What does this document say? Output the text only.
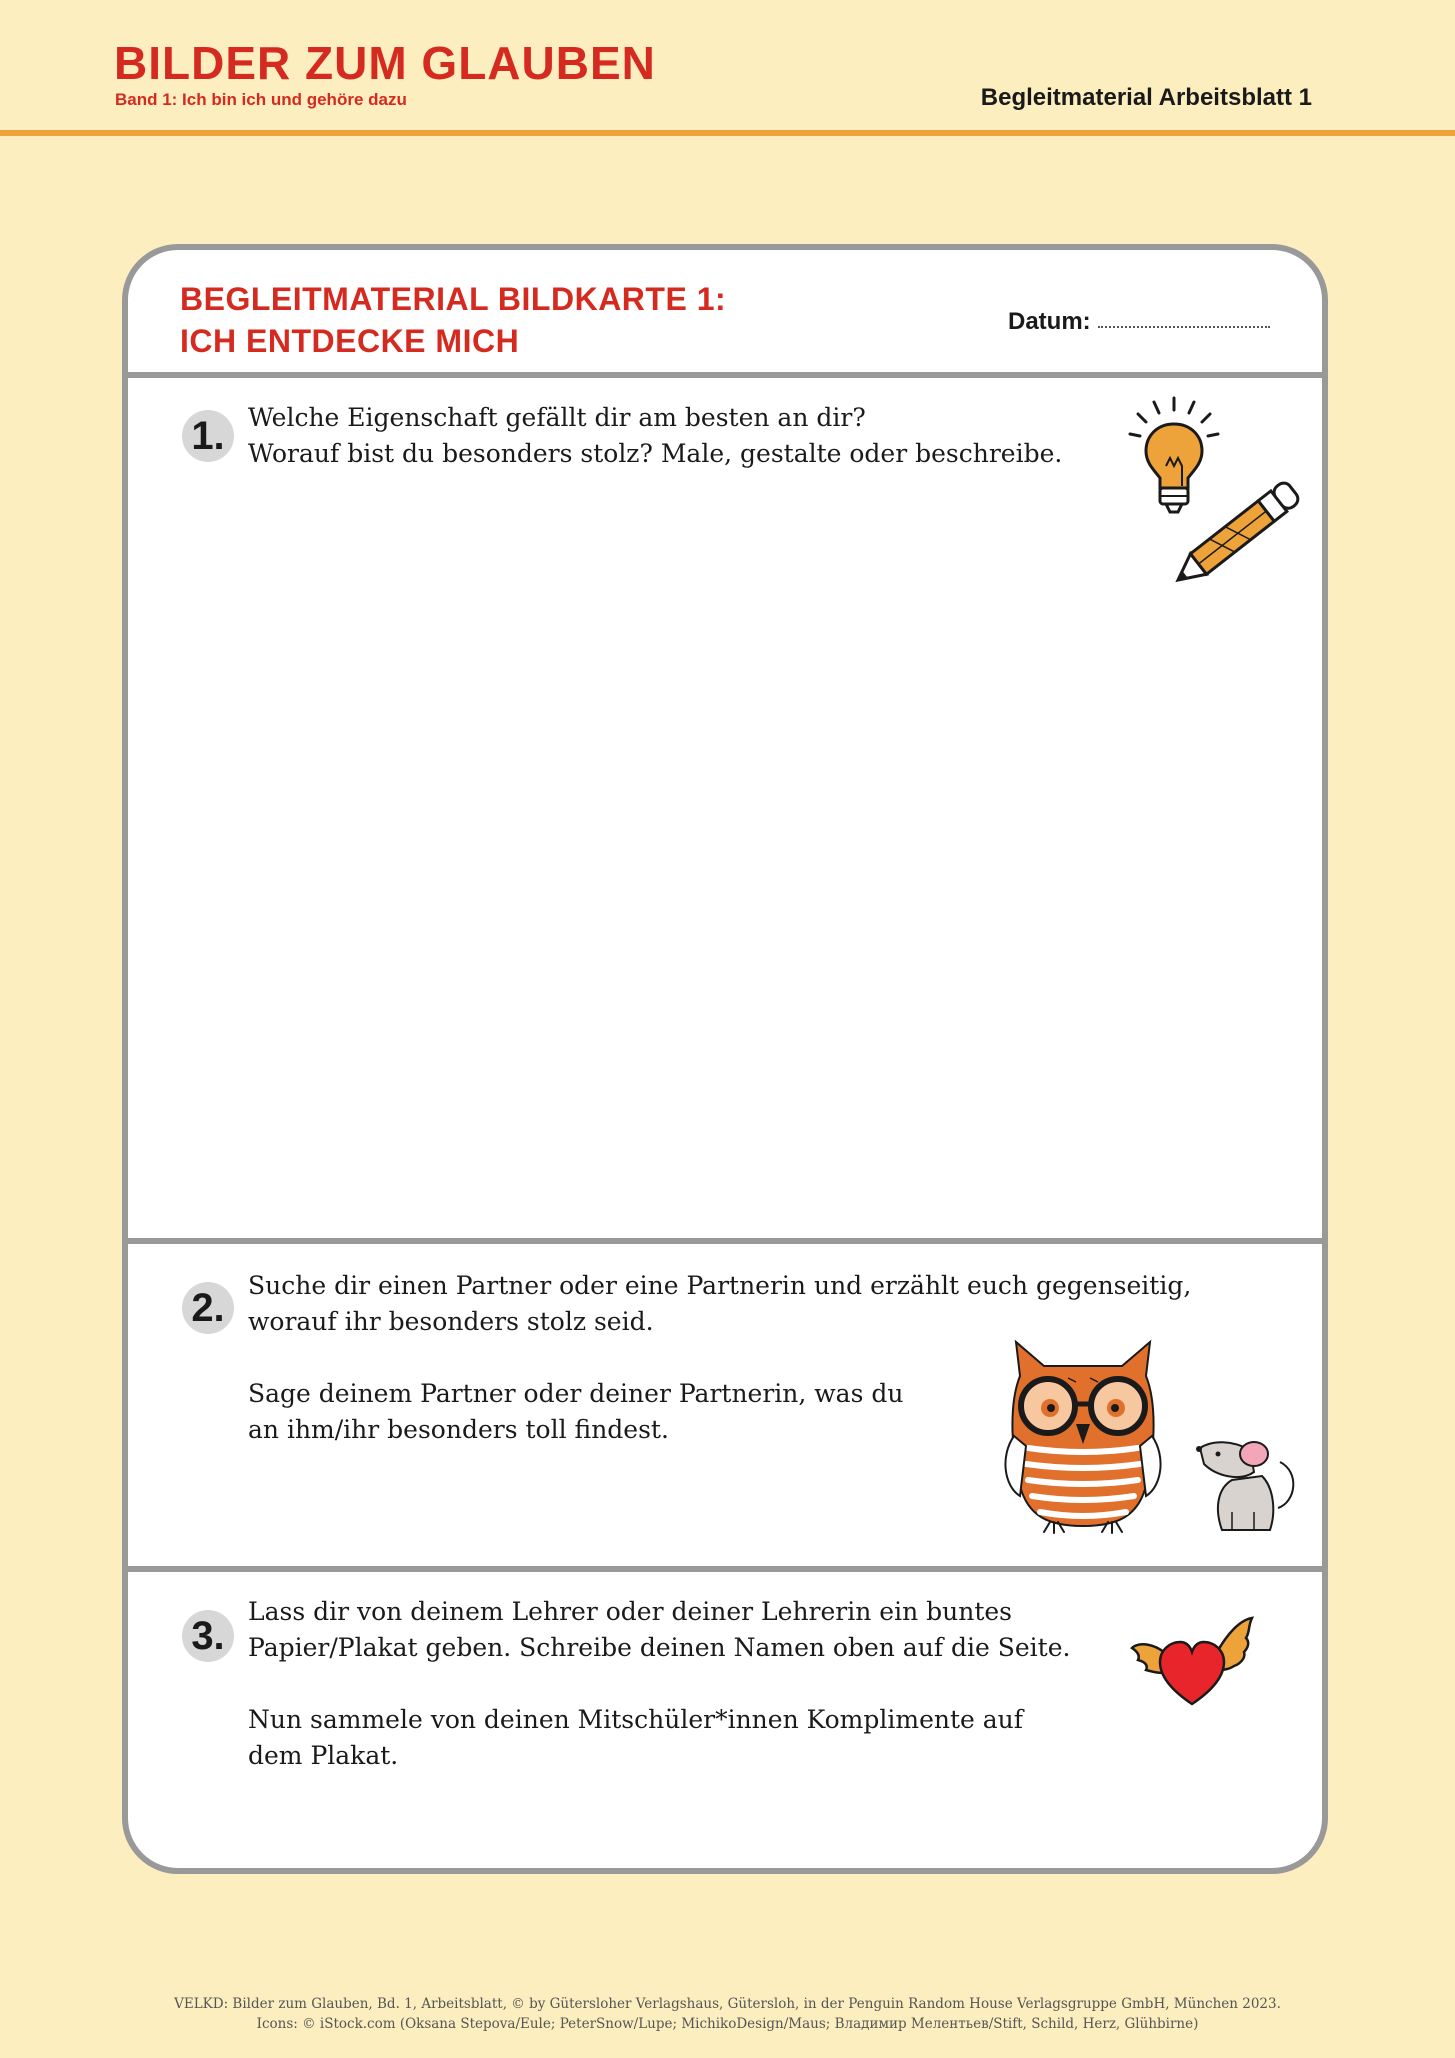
BILDER ZUM GLAUBEN
Band 1: Ich bin ich und gehöre dazu	Begleitmaterial Arbeitsblatt 1
BEGLEITMATERIAL BILDKARTE 1:
ICH ENTDECKE MICH
Datum:
1. Welche Eigenschaft gefällt dir am besten an dir?

Worauf bist du besonders stolz? Male, gestalte oder beschreibe.

2.

Suche dir einen Partner oder eine Partnerin und erzählt euch gegenseitig,

worauf ihr besonders stolz seid.

Sage deinem Partner oder deiner Partnerin, was du

an ihm/ihr besonders toll findest.

3.

Lass dir von deinem Lehrer oder deiner Lehrerin ein buntes

Papier/Plakat geben. Schreibe deinen Namen oben auf die Seite.

Nun sammele von deinen Mitschüler*innen Komplimente auf

dem Plakat.

VELKD: Bilder zum Glauben, Bd. 1, Arbeitsblatt, © by Gütersloher Verlagshaus, Gütersloh, in der Penguin Random House Verlagsgruppe GmbH, München 2023.
Icons: © iStock.com (Oksana Stepova/Eule; PeterSnow/Lupe; MichikoDesign/Maus; Владимир Мелентьев/Stift, Schild, Herz, Glühbirne)
